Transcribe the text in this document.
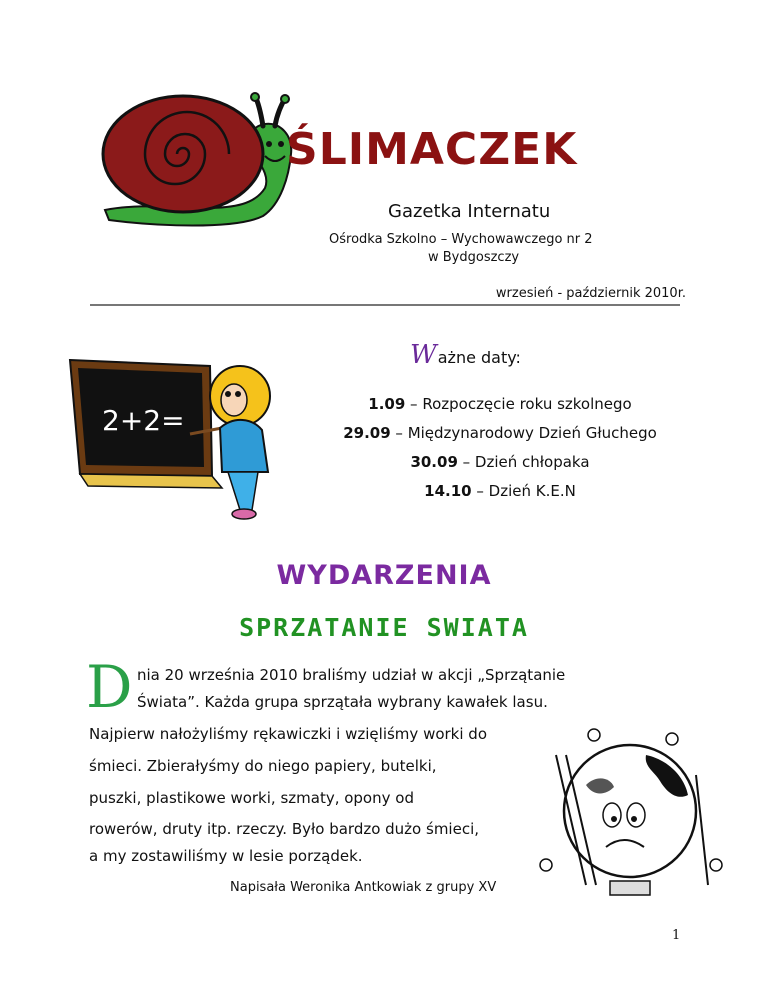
ŚLIMACZEK
Gazetka Internatu
Ośrodka Szkolno – Wychowawczego nr 2
w Bydgoszczy
wrzesień - październik 2010r.
2+2=
Ważne daty:
1.09 – Rozpoczęcie roku szkolnego
29.09 – Międzynarodowy Dzień Głuchego
30.09 – Dzień chłopaka
14.10 – Dzień K.E.N
WYDARZENIA
SPRZATANIE SWIATA
D nia 20 września 2010 braliśmy udział w akcji „Sprzątanie
Świata”. Każda grupa sprzątała wybrany kawałek lasu.
Najpierw nałożyliśmy rękawiczki i wzięliśmy worki do
śmieci. Zbierałyśmy do niego papiery, butelki,
puszki, plastikowe worki, szmaty, opony od
rowerów, druty itp. rzeczy. Było bardzo dużo śmieci,
a my zostawiliśmy w lesie porządek.
Napisała Weronika Antkowiak z grupy XV
1
